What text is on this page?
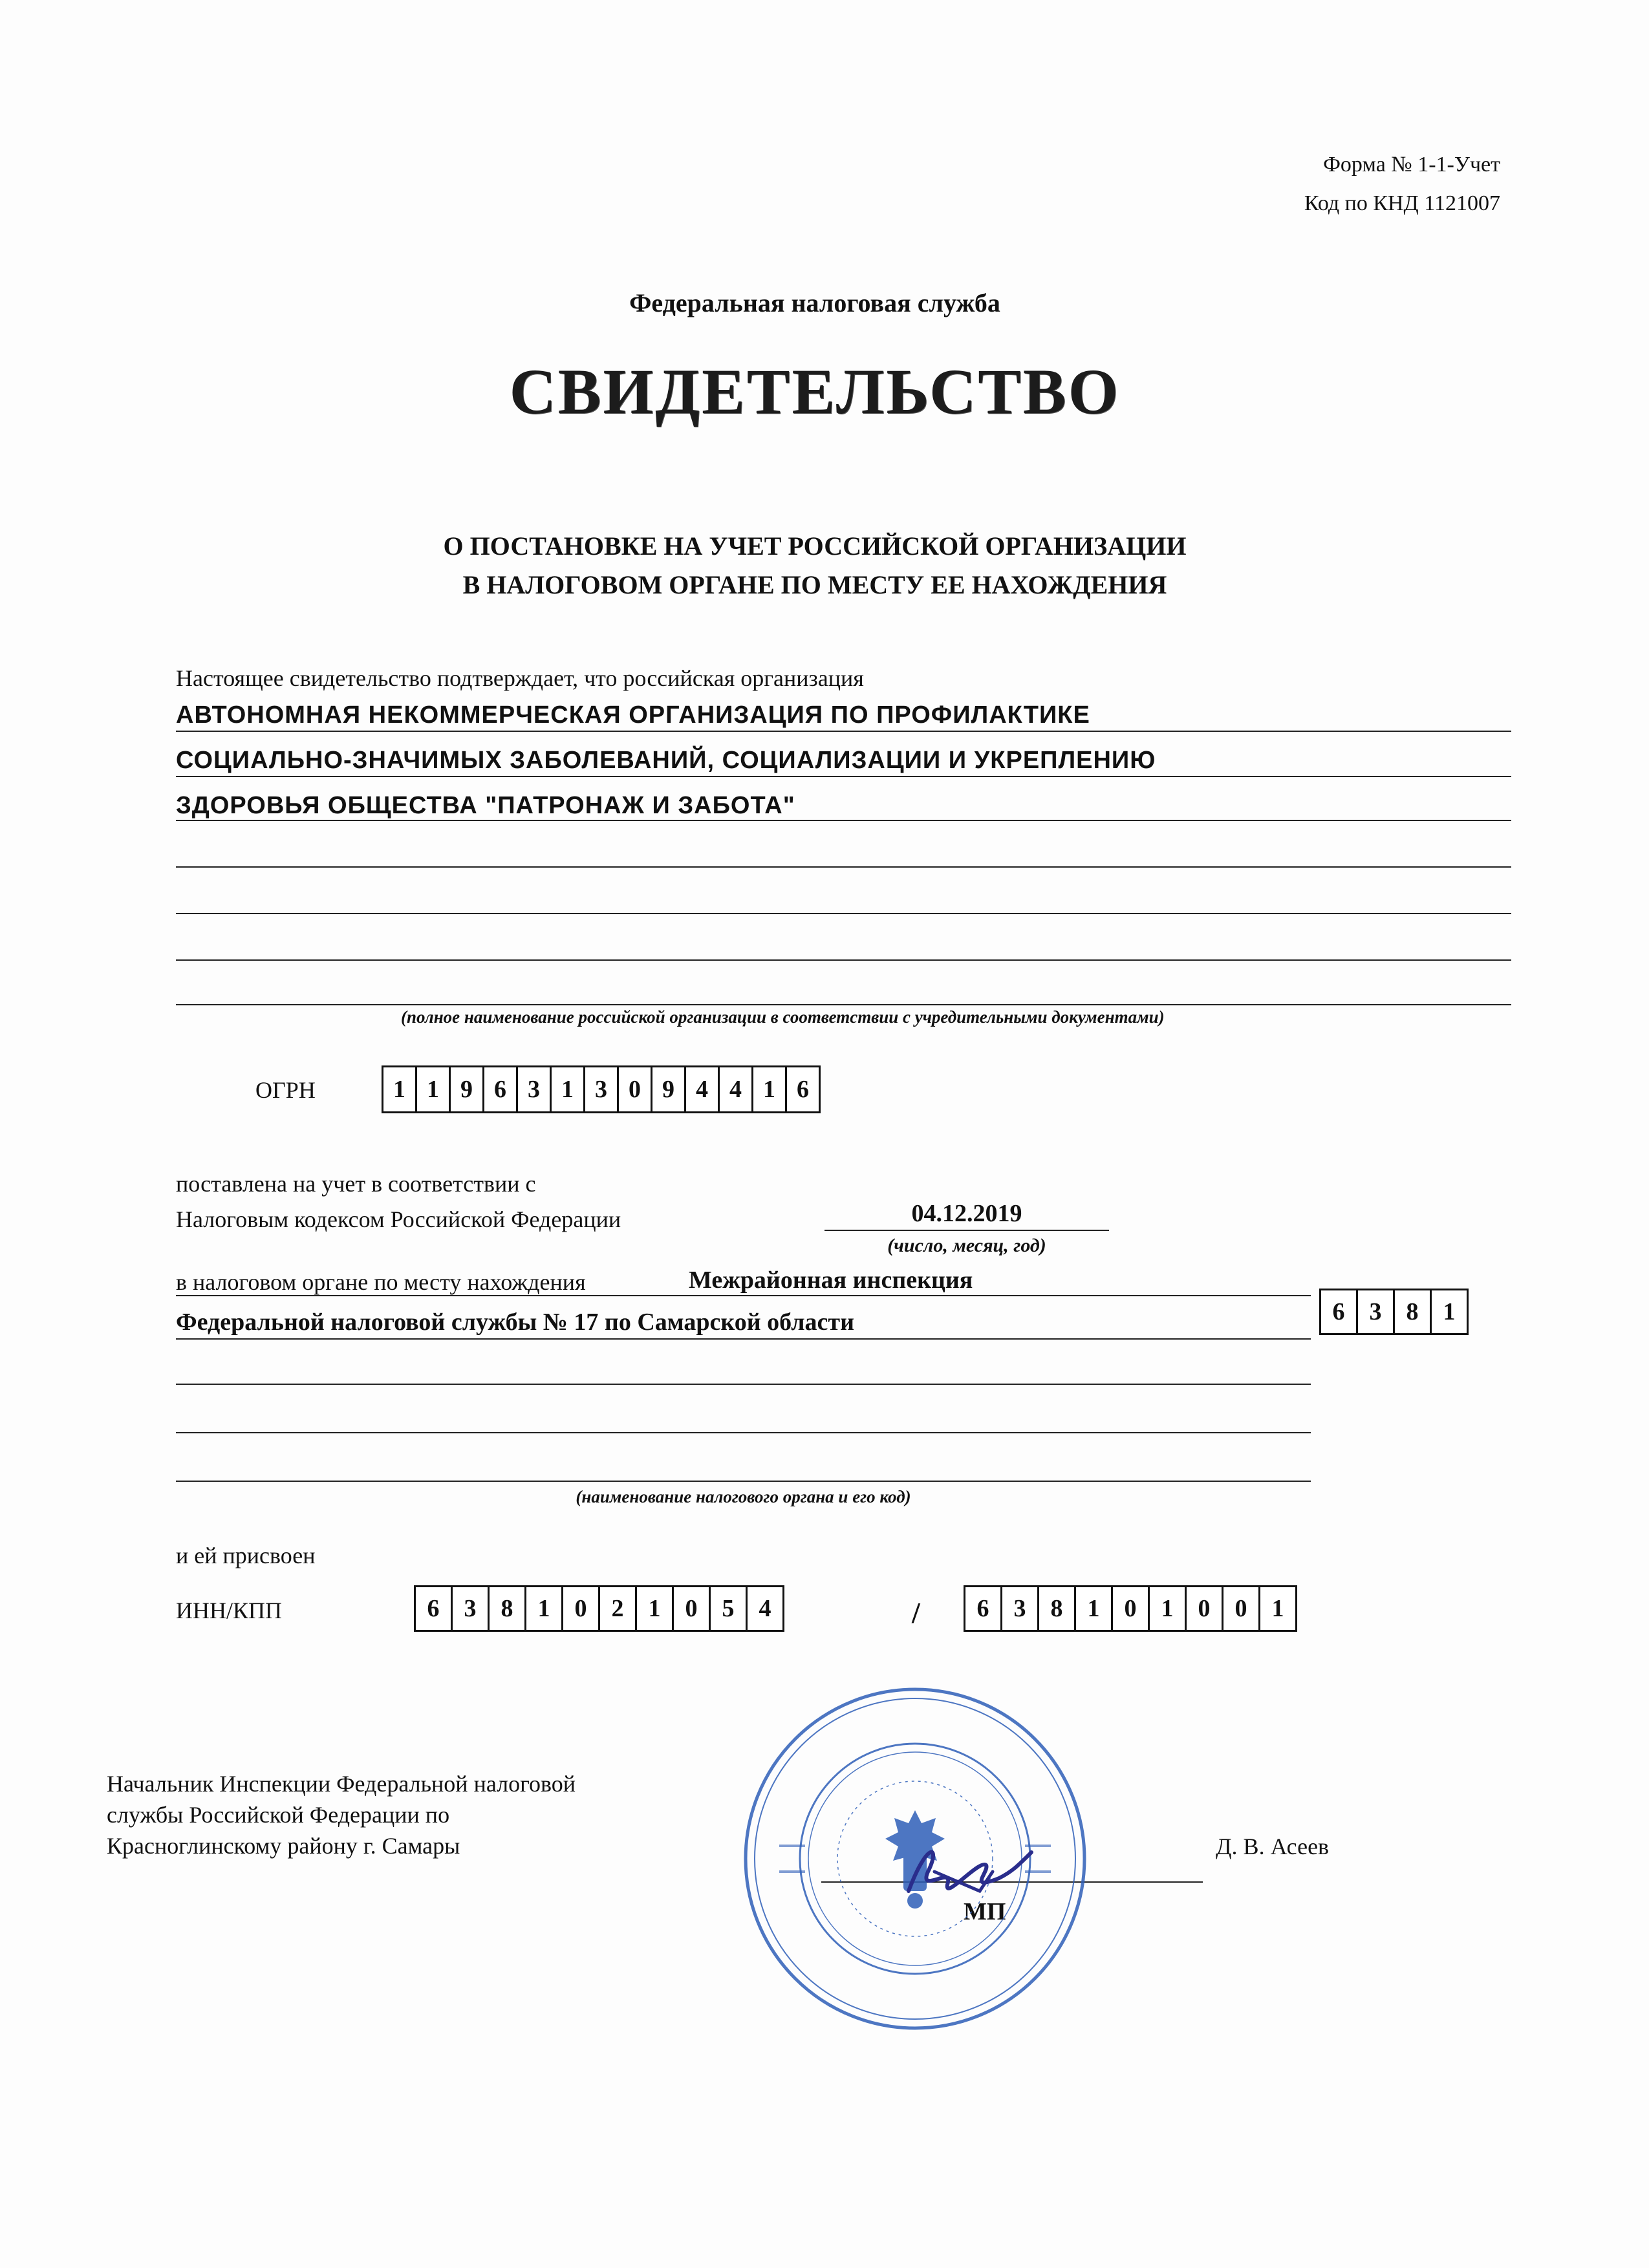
Форма № 1-1-Учет
Код по КНД 1121007
Федеральная налоговая служба
СВИДЕТЕЛЬСТВО
О ПОСТАНОВКЕ НА УЧЕТ РОССИЙСКОЙ ОРГАНИЗАЦИИ
В НАЛОГОВОМ ОРГАНЕ ПО МЕСТУ ЕЕ НАХОЖДЕНИЯ
Настоящее свидетельство подтверждает, что российская организация
АВТОНОМНАЯ НЕКОММЕРЧЕСКАЯ ОРГАНИЗАЦИЯ ПО ПРОФИЛАКТИКЕ
СОЦИАЛЬНО-ЗНАЧИМЫХ ЗАБОЛЕВАНИЙ, СОЦИАЛИЗАЦИИ И УКРЕПЛЕНИЮ
ЗДОРОВЬЯ ОБЩЕСТВА "ПАТРОНАЖ И ЗАБОТА"
(полное наименование российской организации в соответствии с учредительными документами)
ОГРН	1 1 9 6 3 1 3 0 9 4 4 1 6
поставлена на учет в соответствии с
Налоговым кодексом Российской Федерации	04.12.2019
(число, месяц, год)
в налоговом органе по месту нахождения	Межрайонная инспекция
Федеральной налоговой службы № 17 по Самарской области	6	3	8	1
(наименование налогового органа и его код)
и ей присвоен
ИНН/КПП	6	3	8	1	0	2	1	0	5	4	/	6	3	8	1	0	1	0	0	1
Начальник Инспекции Федеральной налоговой
службы Российской Федерации по
Красноглинскому району г. Самары	Д. В. Асеев
МП
